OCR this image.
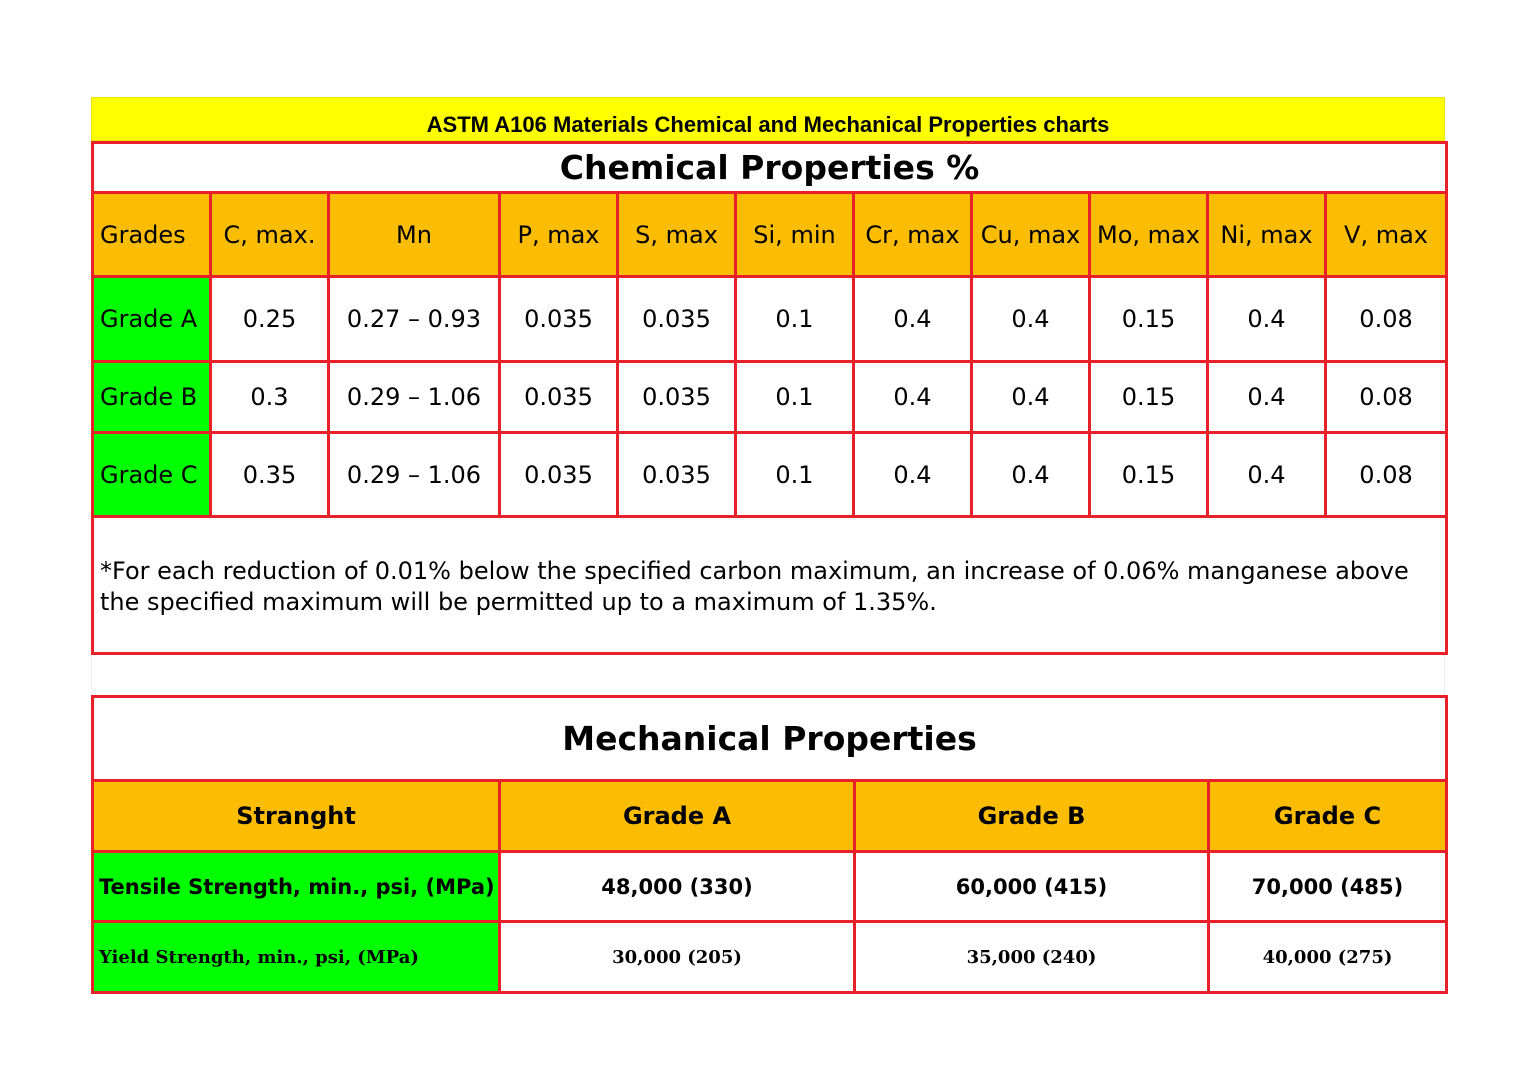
ASTM A106 Materials Chemical and Mechanical Properties charts
Chemical Properties %										
Grades	C, max.	Mn	P, max	S, max	Si, min	Cr, max	Cu, max	Mo, max	Ni, max	V, max
Grade A	0.25	0.27 – 0.93	0.035	0.035	0.1	0.4	0.4	0.15	0.4	0.08
Grade B	0.3	0.29 – 1.06	0.035	0.035	0.1	0.4	0.4	0.15	0.4	0.08
Grade C	0.35	0.29 – 1.06	0.035	0.035	0.1	0.4	0.4	0.15	0.4	0.08
*For each reduction of 0.01% below the specified carbon maximum, an increase of 0.06% manganese above the specified maximum will be permitted up to a maximum of 1.35%.										
Mechanical Properties			
Stranght	Grade A	Grade B	Grade C
Tensile Strength, min., psi, (MPa)	48,000 (330)	60,000 (415)	70,000 (485)
Yield Strength, min., psi, (MPa)	30,000 (205)	35,000 (240)	40,000 (275)
